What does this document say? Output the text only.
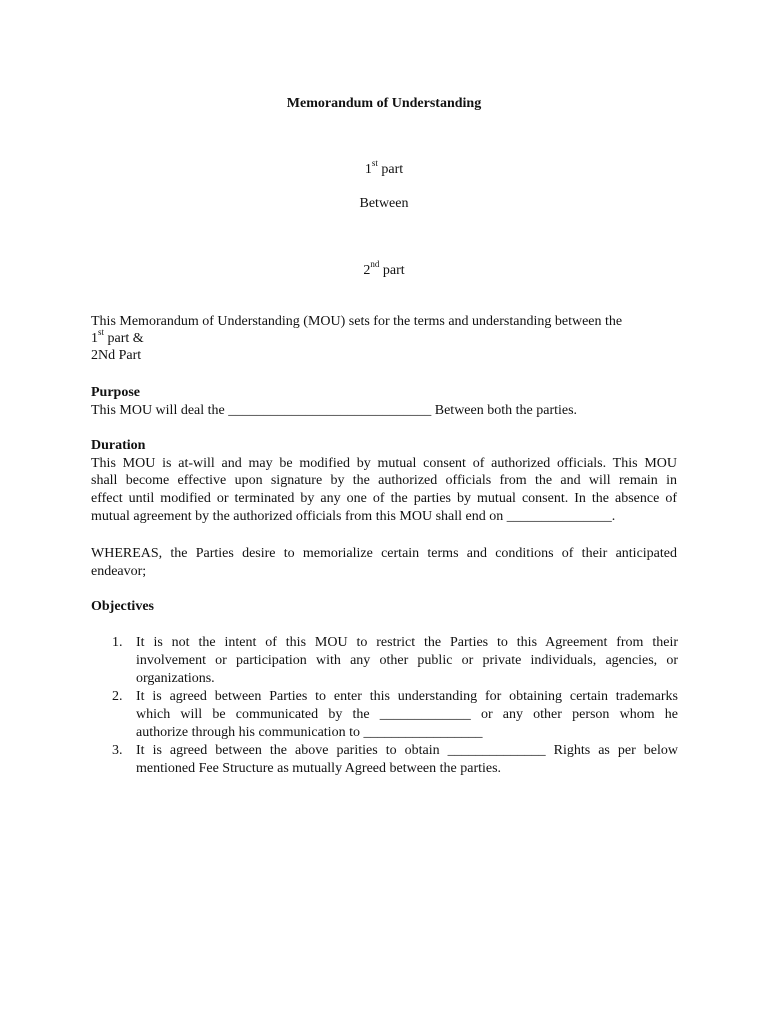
Memorandum of Understanding
1st part
Between
2nd part
This Memorandum of Understanding (MOU) sets for the terms and understanding between the
1st part &
2Nd Part
Purpose
This MOU will deal the _____________________________ Between both the parties.
Duration
This MOU is at-will and may be modified by mutual consent of authorized officials. This MOU
shall become effective upon signature by the authorized officials from the and will remain in
effect until modified or terminated by any one of the parties by mutual consent. In the absence of
mutual agreement by the authorized officials from this MOU shall end on _______________.
WHEREAS, the Parties desire to memorialize certain terms and conditions of their anticipated
endeavor;
Objectives
1. It is not the intent of this MOU to restrict the Parties to this Agreement from their
involvement or participation with any other public or private individuals, agencies, or
organizations.
2. It is agreed between Parties to enter this understanding for obtaining certain trademarks
which will be communicated by the _____________ or any other person whom he
authorize through his communication to _________________
3. It is agreed between the above parities to obtain ______________ Rights as per below
mentioned Fee Structure as mutually Agreed between the parties.
